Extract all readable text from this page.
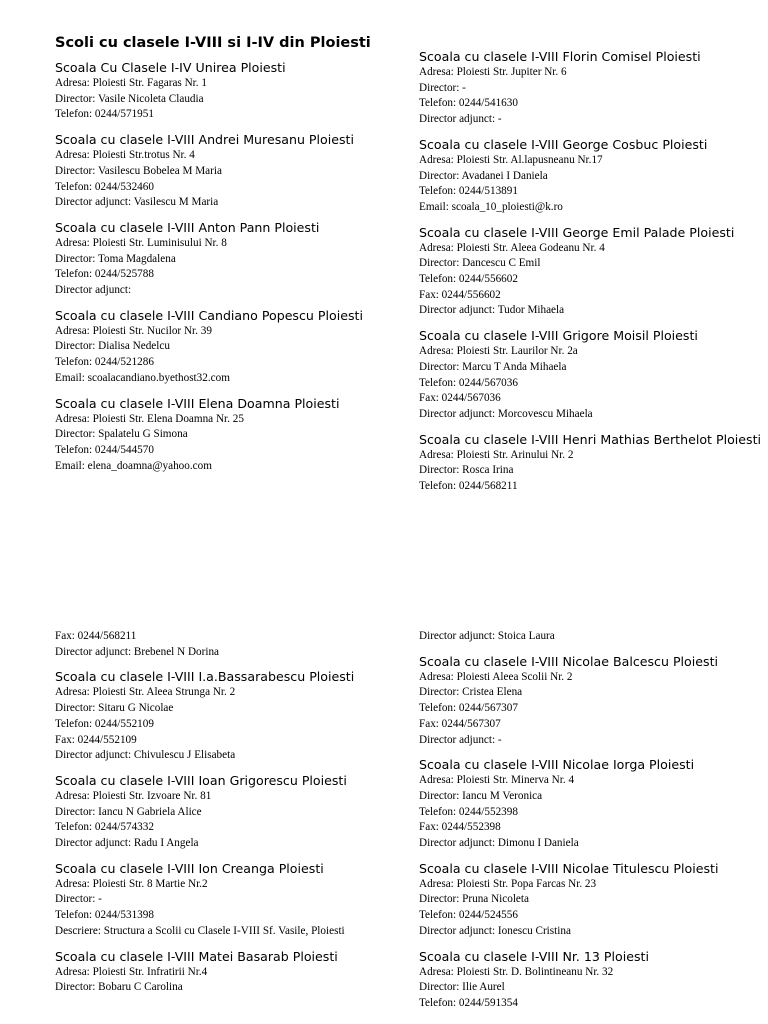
Scoli cu clasele I-VIII si I-IV din Ploiesti
Scoala Cu Clasele I-IV Unirea Ploiesti
Adresa: Ploiesti Str. Fagaras Nr. 1
Director: Vasile Nicoleta Claudia
Telefon: 0244/571951
Scoala cu clasele I-VIII Andrei Muresanu Ploiesti
Adresa: Ploiesti Str.trotus Nr. 4
Director: Vasilescu Bobelea M Maria
Telefon: 0244/532460
Director adjunct: Vasilescu M Maria
Scoala cu clasele I-VIII Anton Pann Ploiesti
Adresa: Ploiesti Str. Luminisului Nr. 8
Director: Toma Magdalena
Telefon: 0244/525788
Director adjunct:
Scoala cu clasele I-VIII Candiano Popescu Ploiesti
Adresa: Ploiesti Str. Nucilor Nr. 39
Director: Dialisa Nedelcu
Telefon: 0244/521286
Email: scoalacandiano.byethost32.com
Scoala cu clasele I-VIII Elena Doamna Ploiesti
Adresa: Ploiesti Str. Elena Doamna Nr. 25
Director: Spalatelu G Simona
Telefon: 0244/544570
Email: elena_doamna@yahoo.com
Scoala cu clasele I-VIII Florin Comisel Ploiesti
Adresa: Ploiesti Str. Jupiter Nr. 6
Director: -
Telefon: 0244/541630
Director adjunct: -
Scoala cu clasele I-VIII George Cosbuc Ploiesti
Adresa: Ploiesti Str. Al.lapusneanu Nr.17
Director: Avadanei I Daniela
Telefon: 0244/513891
Email: scoala_10_ploiesti@k.ro
Scoala cu clasele I-VIII George Emil Palade Ploiesti
Adresa: Ploiesti Str. Aleea Godeanu Nr. 4
Director: Dancescu C Emil
Telefon: 0244/556602
Fax: 0244/556602
Director adjunct: Tudor Mihaela
Scoala cu clasele I-VIII Grigore Moisil Ploiesti
Adresa: Ploiesti Str. Laurilor Nr. 2a
Director: Marcu T Anda Mihaela
Telefon: 0244/567036
Fax: 0244/567036
Director adjunct: Morcovescu Mihaela
Scoala cu clasele I-VIII Henri Mathias Berthelot Ploiesti
Adresa: Ploiesti Str. Arinului Nr. 2
Director: Rosca Irina
Telefon: 0244/568211
Fax: 0244/568211
Director adjunct: Brebenel N Dorina
Scoala cu clasele I-VIII I.a.Bassarabescu Ploiesti
Adresa: Ploiesti Str. Aleea Strunga Nr. 2
Director: Sitaru G Nicolae
Telefon: 0244/552109
Fax: 0244/552109
Director adjunct: Chivulescu J Elisabeta
Scoala cu clasele I-VIII Ioan Grigorescu Ploiesti
Adresa: Ploiesti Str. Izvoare Nr. 81
Director: Iancu N Gabriela Alice
Telefon: 0244/574332
Director adjunct: Radu I Angela
Scoala cu clasele I-VIII Ion Creanga Ploiesti
Adresa: Ploiesti Str. 8 Martie Nr.2
Director: -
Telefon: 0244/531398
Descriere: Structura a Scolii cu Clasele I-VIII Sf. Vasile, Ploiesti
Scoala cu clasele I-VIII Matei Basarab Ploiesti
Adresa: Ploiesti Str. Infratirii Nr.4
Director: Bobaru C Carolina
Director adjunct: Stoica Laura
Scoala cu clasele I-VIII Nicolae Balcescu Ploiesti
Adresa: Ploiesti Aleea Scolii Nr. 2
Director: Cristea Elena
Telefon: 0244/567307
Fax: 0244/567307
Director adjunct: -
Scoala cu clasele I-VIII Nicolae Iorga Ploiesti
Adresa: Ploiesti Str. Minerva Nr. 4
Director: Iancu M Veronica
Telefon: 0244/552398
Fax: 0244/552398
Director adjunct: Dimonu I Daniela
Scoala cu clasele I-VIII Nicolae Titulescu Ploiesti
Adresa: Ploiesti Str. Popa Farcas Nr. 23
Director: Pruna Nicoleta
Telefon: 0244/524556
Director adjunct: Ionescu Cristina
Scoala cu clasele I-VIII Nr. 13 Ploiesti
Adresa: Ploiesti Str. D. Bolintineanu Nr. 32
Director: Ilie Aurel
Telefon: 0244/591354
